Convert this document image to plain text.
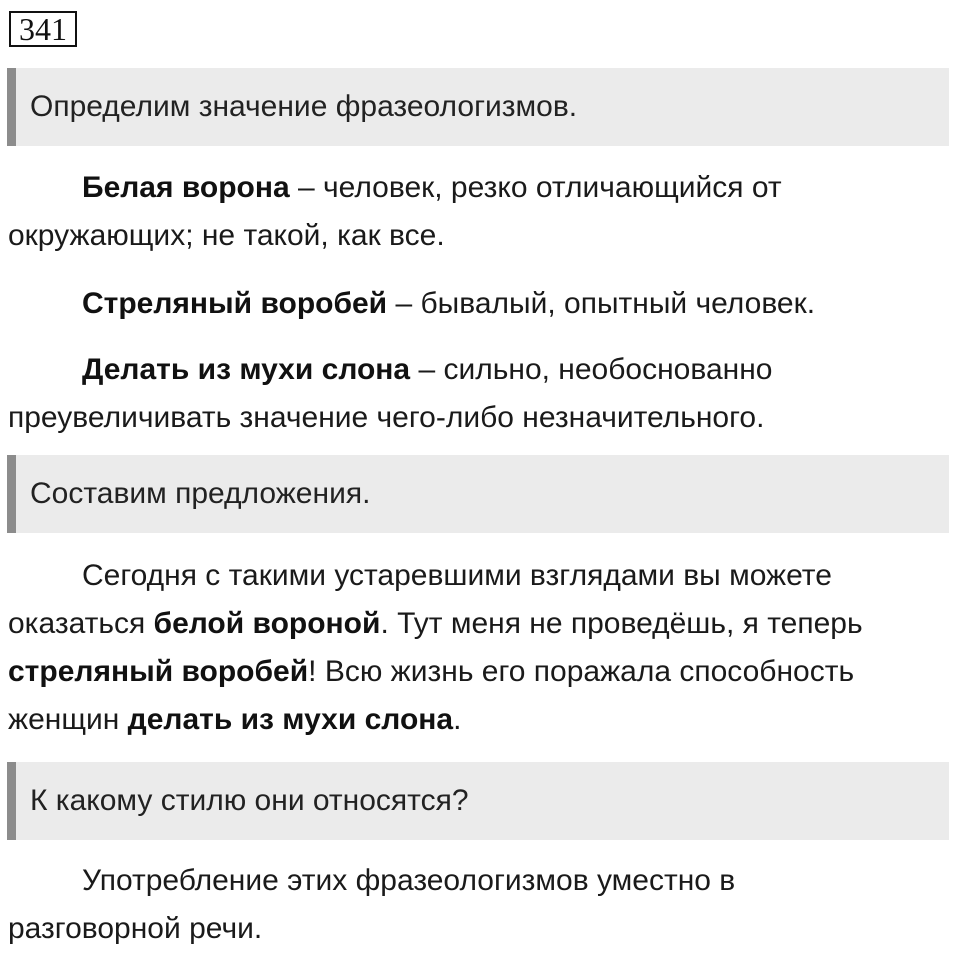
341
Определим значение фразеологизмов.
Белая ворона – человек, резко отличающийся от
окружающих; не такой, как все.
Стреляный воробей – бывалый, опытный человек.
Делать из мухи слона – сильно, необоснованно
преувеличивать значение чего-либо незначительного.
Составим предложения.
Сегодня с такими устаревшими взглядами вы можете
оказаться белой вороной. Тут меня не проведёшь, я теперь
стреляный воробей! Всю жизнь его поражала способность
женщин делать из мухи слона.
К какому стилю они относятся?
Употребление этих фразеологизмов уместно в
разговорной речи.
